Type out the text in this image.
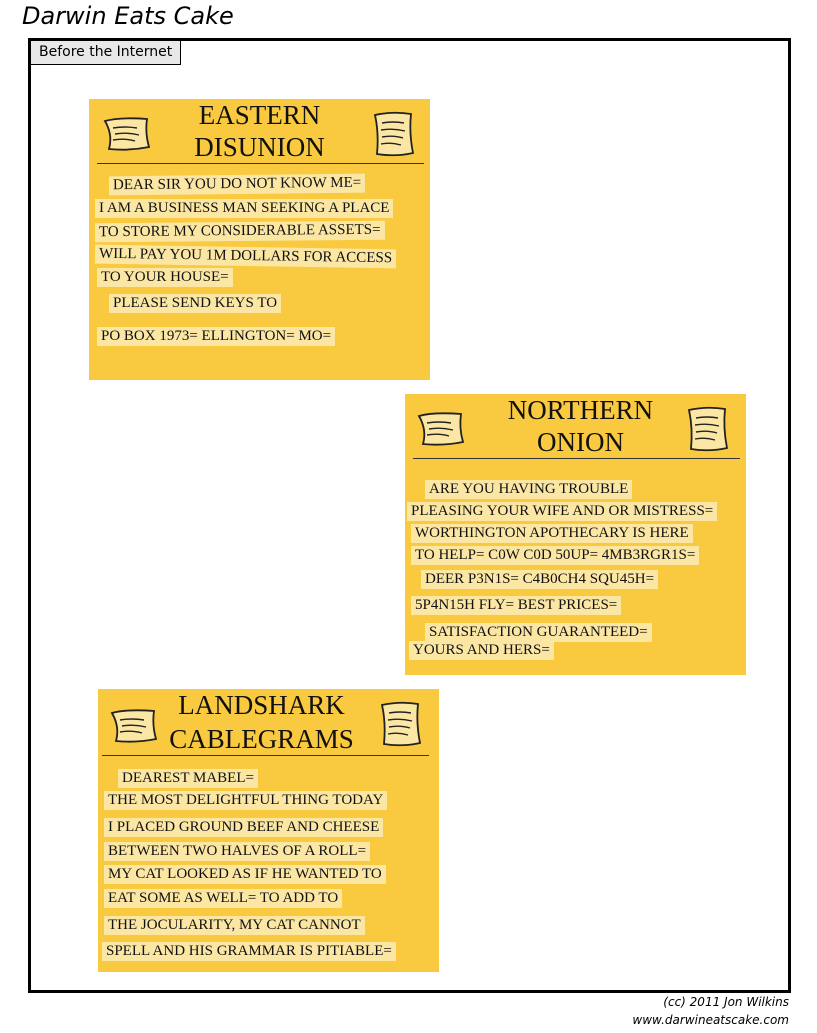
Darwin Eats Cake
Before the Internet
EASTERN
DISUNION
DEAR SIR YOU DO NOT KNOW ME=
I AM A BUSINESS MAN SEEKING A PLACE
TO STORE MY CONSIDERABLE ASSETS=
WILL PAY YOU 1M DOLLARS FOR ACCESS
TO YOUR HOUSE=
PLEASE SEND KEYS TO
PO BOX 1973= ELLINGTON= MO=
NORTHERN
ONION
ARE YOU HAVING TROUBLE
PLEASING YOUR WIFE AND OR MISTRESS=
WORTHINGTON APOTHECARY IS HERE
TO HELP= C0W C0D 50UP= 4MB3RGR1S=
DEER P3N1S= C4B0CH4 SQU45H=
5P4N15H FLY= BEST PRICES=
SATISFACTION GUARANTEED=
YOURS AND HERS=
LANDSHARK
CABLEGRAMS
DEAREST MABEL=
THE MOST DELIGHTFUL THING TODAY
I PLACED GROUND BEEF AND CHEESE
BETWEEN TWO HALVES OF A ROLL=
MY CAT LOOKED AS IF HE WANTED TO
EAT SOME AS WELL= TO ADD TO
THE JOCULARITY, MY CAT CANNOT
SPELL AND HIS GRAMMAR IS PITIABLE=
(cc) 2011 Jon Wilkins
www.darwineatscake.com
